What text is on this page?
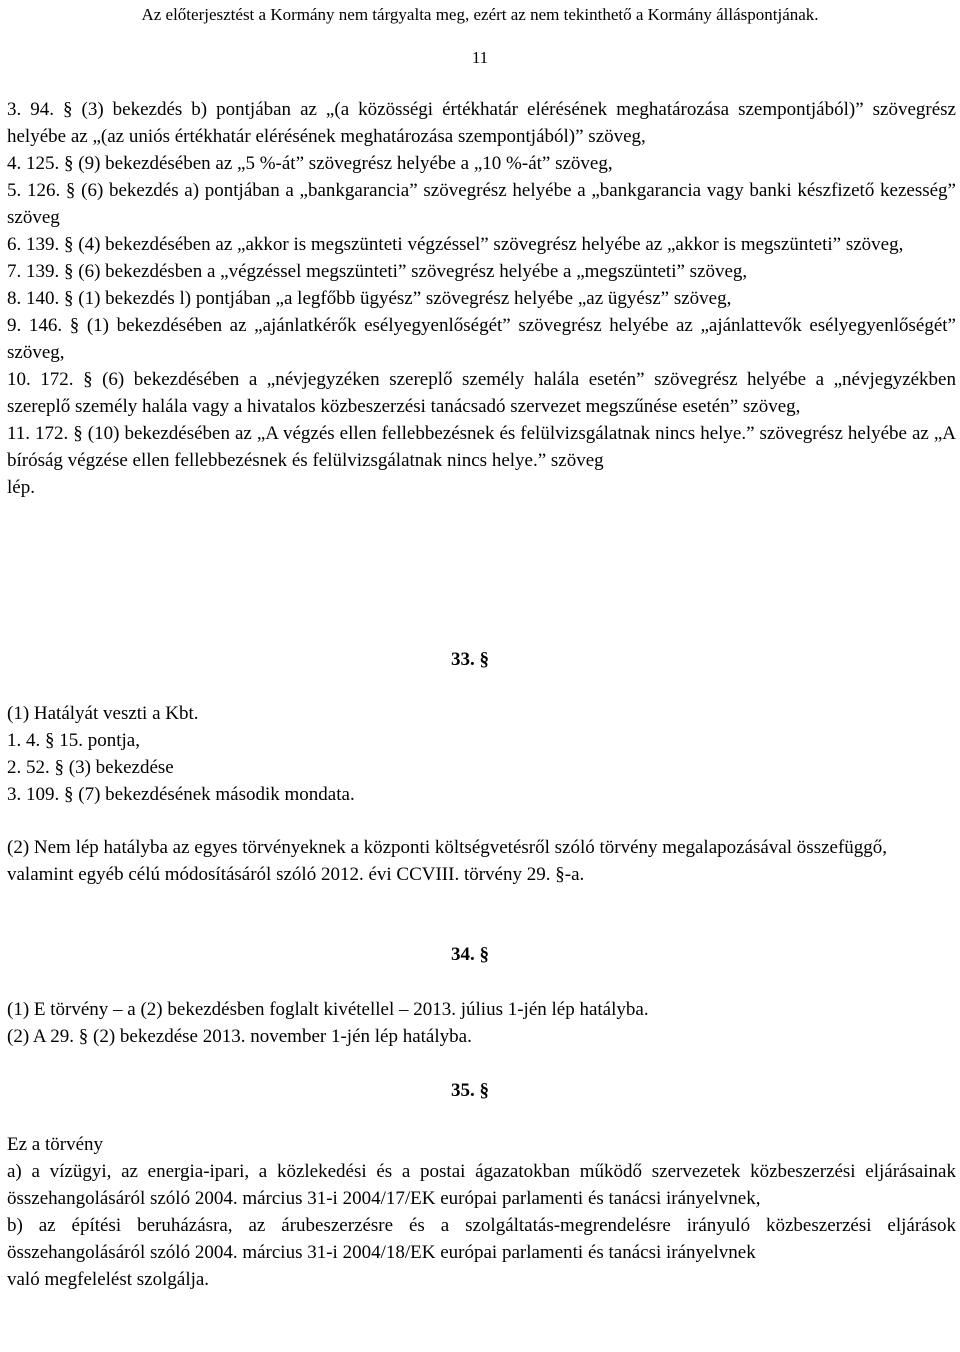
Az előterjesztést a Kormány nem tárgyalta meg, ezért az nem tekinthető a Kormány álláspontjának.
11

3. 94. § (3) bekezdés b) pontjában az „(a közösségi értékhatár elérésének meghatározása szempontjából)” szövegrész helyébe az „(az uniós értékhatár elérésének meghatározása szempontjából)” szöveg,

4. 125. § (9) bekezdésében az „5 %-át” szövegrész helyébe a „10 %-át” szöveg,

5. 126. § (6) bekezdés a) pontjában a „bankgarancia” szövegrész helyébe a „bankgarancia vagy banki készfizető kezesség” szöveg

6. 139. § (4) bekezdésében az „akkor is megszünteti végzéssel” szövegrész helyébe az „akkor is megszünteti” szöveg,

7. 139. § (6) bekezdésben a „végzéssel megszünteti” szövegrész helyébe a „megszünteti” szöveg,

8. 140. § (1) bekezdés l) pontjában „a legfőbb ügyész” szövegrész helyébe „az ügyész” szöveg,

9. 146. § (1) bekezdésében az „ajánlatkérők esélyegyenlőségét” szövegrész helyébe az „ajánlattevők esélyegyenlőségét” szöveg,

10. 172. § (6) bekezdésében a „névjegyzéken szereplő személy halála esetén” szövegrész helyébe a „névjegyzékben szereplő személy halála vagy a hivatalos közbeszerzési tanácsadó szervezet megszűnése esetén” szöveg,

11. 172. § (10) bekezdésében az „A végzés ellen fellebbezésnek és felülvizsgálatnak nincs helye.” szövegrész helyébe az „A bíróság végzése ellen fellebbezésnek és felülvizsgálatnak nincs helye.” szöveg

lép.

33. §

(1) Hatályát veszti a Kbt.

1. 4. § 15. pontja,

2. 52. § (3) bekezdése

3. 109. § (7) bekezdésének második mondata.

(2) Nem lép hatályba az egyes törvényeknek a központi költségvetésről szóló törvény megalapozásával összefüggő, valamint egyéb célú módosításáról szóló 2012. évi CCVIII. törvény 29. §-a.

34. §

(1) E törvény – a (2) bekezdésben foglalt kivétellel – 2013. július 1-jén lép hatályba.

(2) A 29. § (2) bekezdése 2013. november 1-jén lép hatályba.

35. §

Ez a törvény

a) a vízügyi, az energia-ipari, a közlekedési és a postai ágazatokban működő szervezetek közbeszerzési eljárásainak összehangolásáról szóló 2004. március 31-i 2004/17/EK európai parlamenti és tanácsi irányelvnek,

b) az építési beruházásra, az árubeszerzésre és a szolgáltatás-megrendelésre irányuló közbeszerzési eljárások összehangolásáról szóló 2004. március 31-i 2004/18/EK európai parlamenti és tanácsi irányelvnek

való megfelelést szolgálja.
